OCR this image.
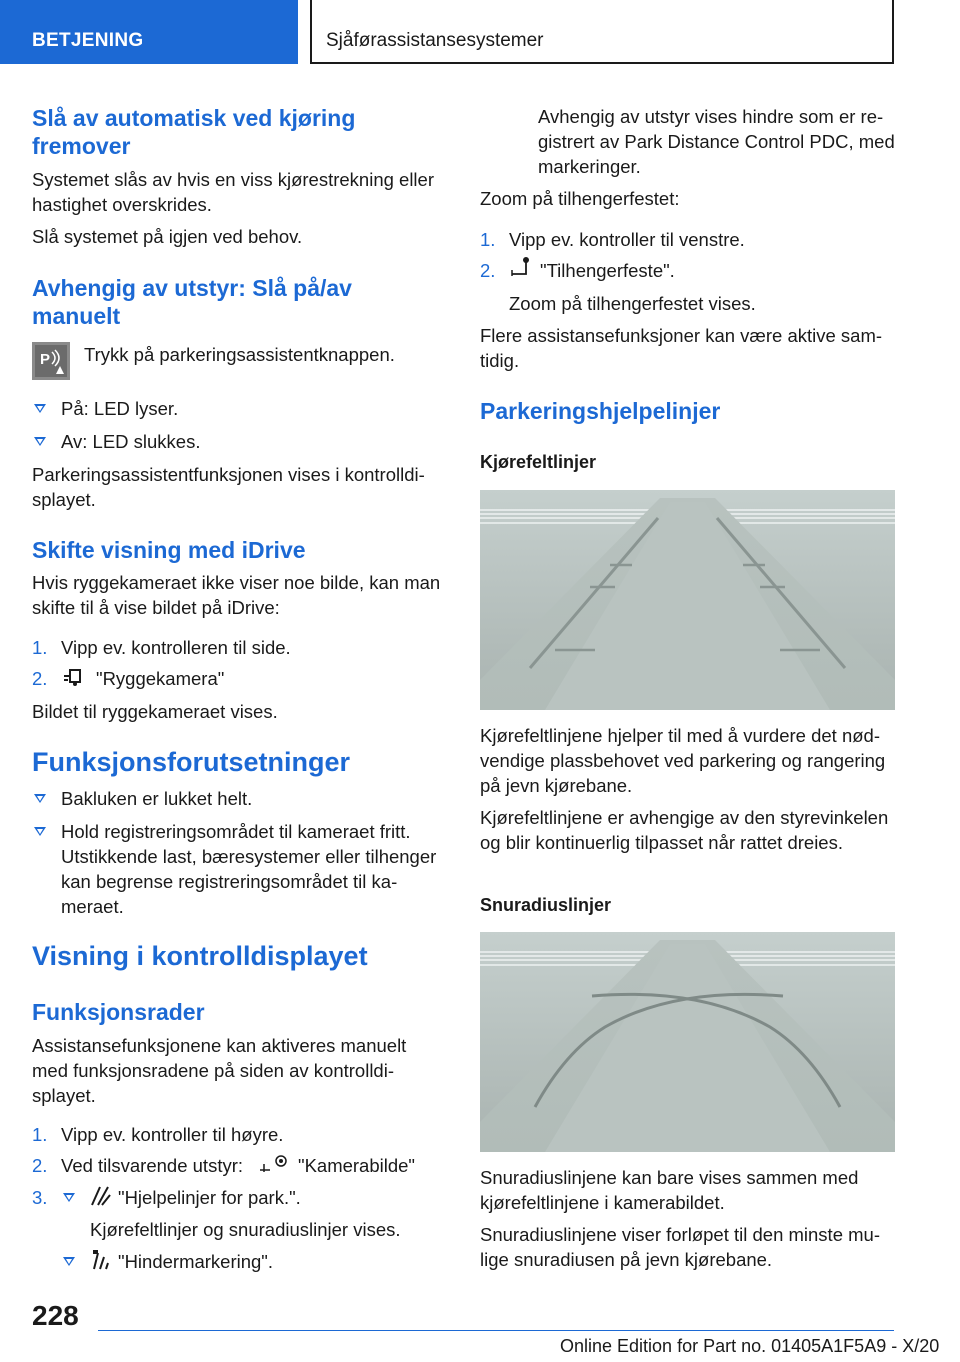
BETJENING	Sjåførassistansesystemer
Slå av automatisk ved kjøring fremover
Systemet slås av hvis en viss kjørestrekning eller hastighet overskrides.
Slå systemet på igjen ved behov.
Avhengig av utstyr: Slå på/av manuelt
P Trykk på parkeringsassistentknappen.
På: LED lyser.
Av: LED slukkes.
Parkeringsassistentfunksjonen vises i kontrolldisplayet.
Skifte visning med iDrive
Hvis ryggekameraet ikke viser noe bilde, kan man skifte til å vise bildet på iDrive:
1. Vipp ev. kontrolleren til side.
2.	"Ryggekamera"
Bildet til ryggekameraet vises.
Funksjonsforutsetninger
Bakluken er lukket helt.
Hold registreringsområdet til kameraet fritt. Utstikkende last, bæresystemer eller tilhenger kan begrense registreringsområdet til kameraet.
Visning i kontrolldisplayet
Funksjonsrader
Assistansefunksjonene kan aktiveres manuelt med funksjonsradene på siden av kontrolldisplayet.
1. Vipp ev. kontroller til høyre.
2. Ved tilsvarende utstyr:	"Kamerabilde"
3.	"Hjelpelinjer for park.".
Kjørefeltlinjer og snuradiuslinjer vises.
"Hindermarkering".
Avhengig av utstyr vises hindre som er registrert av Park Distance Control PDC, med markeringer.
Zoom på tilhengerfestet:
1. Vipp ev. kontroller til venstre.
2. "Tilhengerfeste".
Zoom på tilhengerfestet vises.
Flere assistansefunksjoner kan være aktive samtidig.
Parkeringshjelpelinjer
Kjørefeltlinjer
Kjørefeltlinjene hjelper til med å vurdere det nødvendige plassbehovet ved parkering og rangering på jevn kjørebane.
Kjørefeltlinjene er avhengige av den styrevinkelen og blir kontinuerlig tilpasset når rattet dreies.
Snuradiuslinjer
Snuradiuslinjene kan bare vises sammen med kjørefeltlinjene i kamerabildet.
Snuradiuslinjene viser forløpet til den minste mulige snuradiusen på jevn kjørebane.
228
Online Edition for Part no. 01405A1F5A9 - X/20
